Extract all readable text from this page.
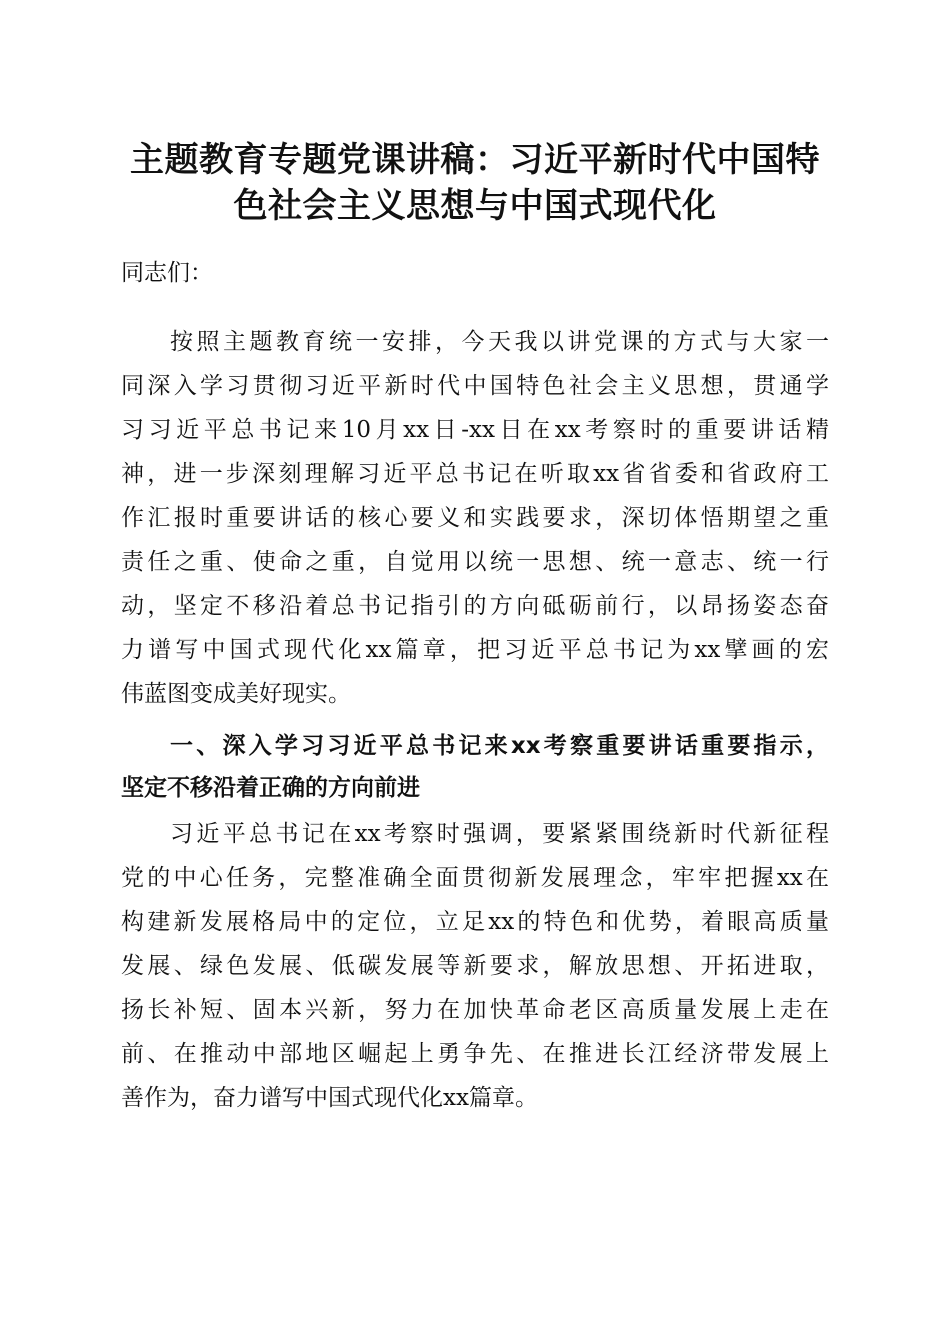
主题教育专题党课讲稿：习近平新时代中国特
色社会主义思想与中国式现代化

同志们：

按照主题教育统一安排，今天我以讲党课的方式与大家一

同深入学习贯彻习近平新时代中国特色社会主义思想，贯通学

习习近平总书记来10月xx日-xx日在xx考察时的重要讲话精

神，进一步深刻理解习近平总书记在听取xx省省委和省政府工

作汇报时重要讲话的核心要义和实践要求，深切体悟期望之重

责任之重、使命之重，自觉用以统一思想、统一意志、统一行

动，坚定不移沿着总书记指引的方向砥砺前行，以昂扬姿态奋

力谱写中国式现代化xx篇章，把习近平总书记为xx擘画的宏

伟蓝图变成美好现实。

一、深入学习习近平总书记来xx考察重要讲话重要指示，

坚定不移沿着正确的方向前进

习近平总书记在xx考察时强调，要紧紧围绕新时代新征程

党的中心任务，完整准确全面贯彻新发展理念，牢牢把握xx在

构建新发展格局中的定位，立足xx的特色和优势，着眼高质量

发展、绿色发展、低碳发展等新要求，解放思想、开拓进取，

扬长补短、固本兴新，努力在加快革命老区高质量发展上走在

前、在推动中部地区崛起上勇争先、在推进长江经济带发展上

善作为，奋力谱写中国式现代化xx篇章。
